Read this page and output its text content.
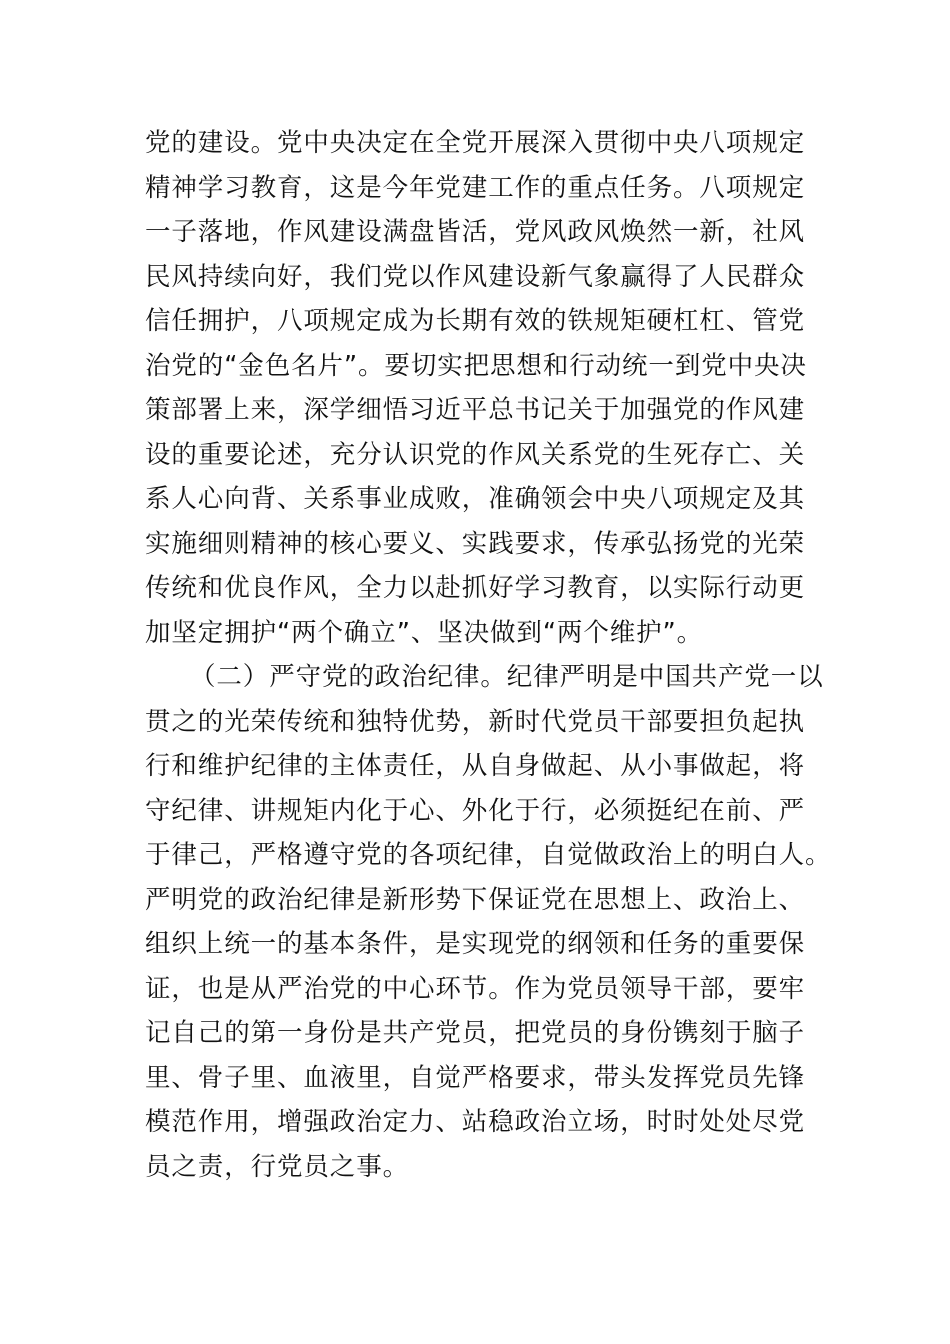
党的建设。党中央决定在全党开展深入贯彻中央八项规定
精神学习教育，这是今年党建工作的重点任务。八项规定
一子落地，作风建设满盘皆活，党风政风焕然一新，社风
民风持续向好，我们党以作风建设新气象赢得了人民群众
信任拥护，八项规定成为长期有效的铁规矩硬杠杠、管党
治党的“金色名片”。要切实把思想和行动统一到党中央决
策部署上来，深学细悟习近平总书记关于加强党的作风建
设的重要论述，充分认识党的作风关系党的生死存亡、关
系人心向背、关系事业成败，准确领会中央八项规定及其
实施细则精神的核心要义、实践要求，传承弘扬党的光荣
传统和优良作风，全力以赴抓好学习教育，以实际行动更
加坚定拥护“两个确立”、坚决做到“两个维护”。
（二）严守党的政治纪律。纪律严明是中国共产党一以
贯之的光荣传统和独特优势，新时代党员干部要担负起执
行和维护纪律的主体责任，从自身做起、从小事做起，将
守纪律、讲规矩内化于心、外化于行，必须挺纪在前、严
于律己，严格遵守党的各项纪律，自觉做政治上的明白人。
严明党的政治纪律是新形势下保证党在思想上、政治上、
组织上统一的基本条件，是实现党的纲领和任务的重要保
证，也是从严治党的中心环节。作为党员领导干部，要牢
记自己的第一身份是共产党员，把党员的身份镌刻于脑子
里、骨子里、血液里，自觉严格要求，带头发挥党员先锋
模范作用，增强政治定力、站稳政治立场，时时处处尽党
员之责，行党员之事。
